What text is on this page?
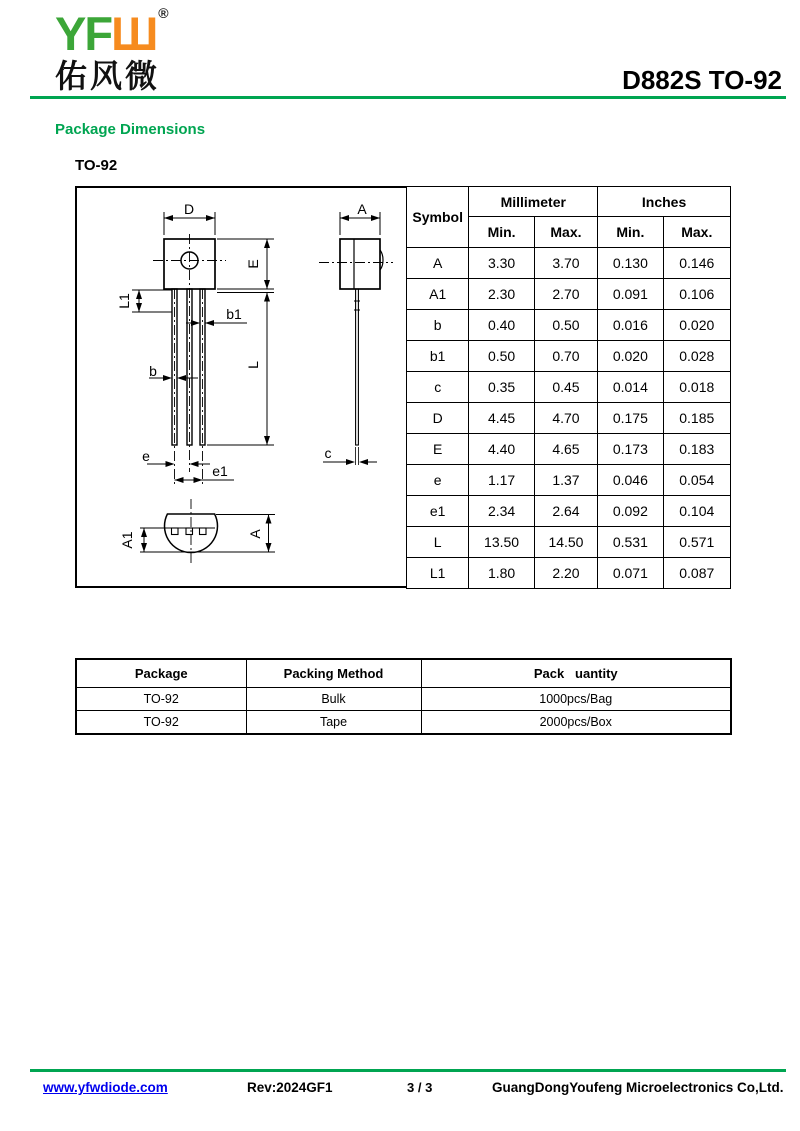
YFШ ®
佑风微	D882S TO-92
Package Dimensions
TO-92
D
E
L1
b1
b	L
e
e1
A
c
A1	A
Symbol	Millimeter		Inches	
	Min.	Max.	Min.	Max.
A	3.30	3.70	0.130	0.146
A1	2.30	2.70	0.091	0.106
b	0.40	0.50	0.016	0.020
b1	0.50	0.70	0.020	0.028
c	0.35	0.45	0.014	0.018
D	4.45	4.70	0.175	0.185
E	4.40	4.65	0.173	0.183
e	1.17	1.37	0.046	0.054
e1	2.34	2.64	0.092	0.104
L	13.50	14.50	0.531	0.571
L1	1.80	2.20	0.071	0.087
Package	Packing Method	Pack   uantity
TO-92	Bulk	1000pcs/Bag
TO-92	Tape	2000pcs/Box
www.yfwdiode.com	Rev:2024GF1	3 / 3	GuangDongYoufeng Microelectronics Co,Ltd.
